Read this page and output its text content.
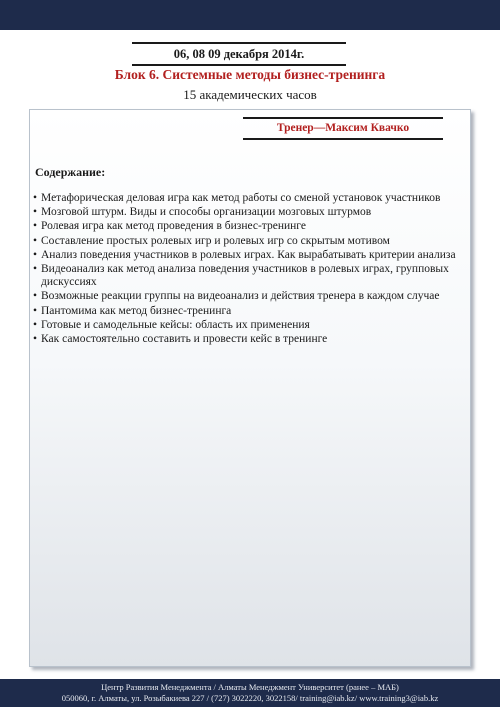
06, 08 09 декабря 2014г.
Блок 6. Системные методы бизнес-тренинга
15 академических часов
Тренер—Максим Квачко
Содержание:
• Метафорическая деловая игра как метод работы со сменой установок участников
• Мозговой штурм. Виды и способы организации мозговых штурмов
• Ролевая игра как метод проведения в бизнес-тренинге
• Составление простых ролевых игр и ролевых игр со скрытым мотивом
• Анализ поведения участников в ролевых играх. Как вырабатывать критерии анализа
• Видеоанализ как метод анализа поведения участников в ролевых играх, групповых дискуссиях
• Возможные реакции группы на видеоанализ и действия тренера в каждом случае
• Пантомима как метод бизнес-тренинга
• Готовые и самодельные кейсы: область их применения
• Как самостоятельно составить и провести кейс в тренинге
Центр Развития Менеджмента / Алматы Менеджмент Университет (ранее – МАБ)
050060, г. Алматы, ул. Розыбакиева 227 / (727) 3022220, 3022158/ training@iab.kz/ www.training3@iab.kz
